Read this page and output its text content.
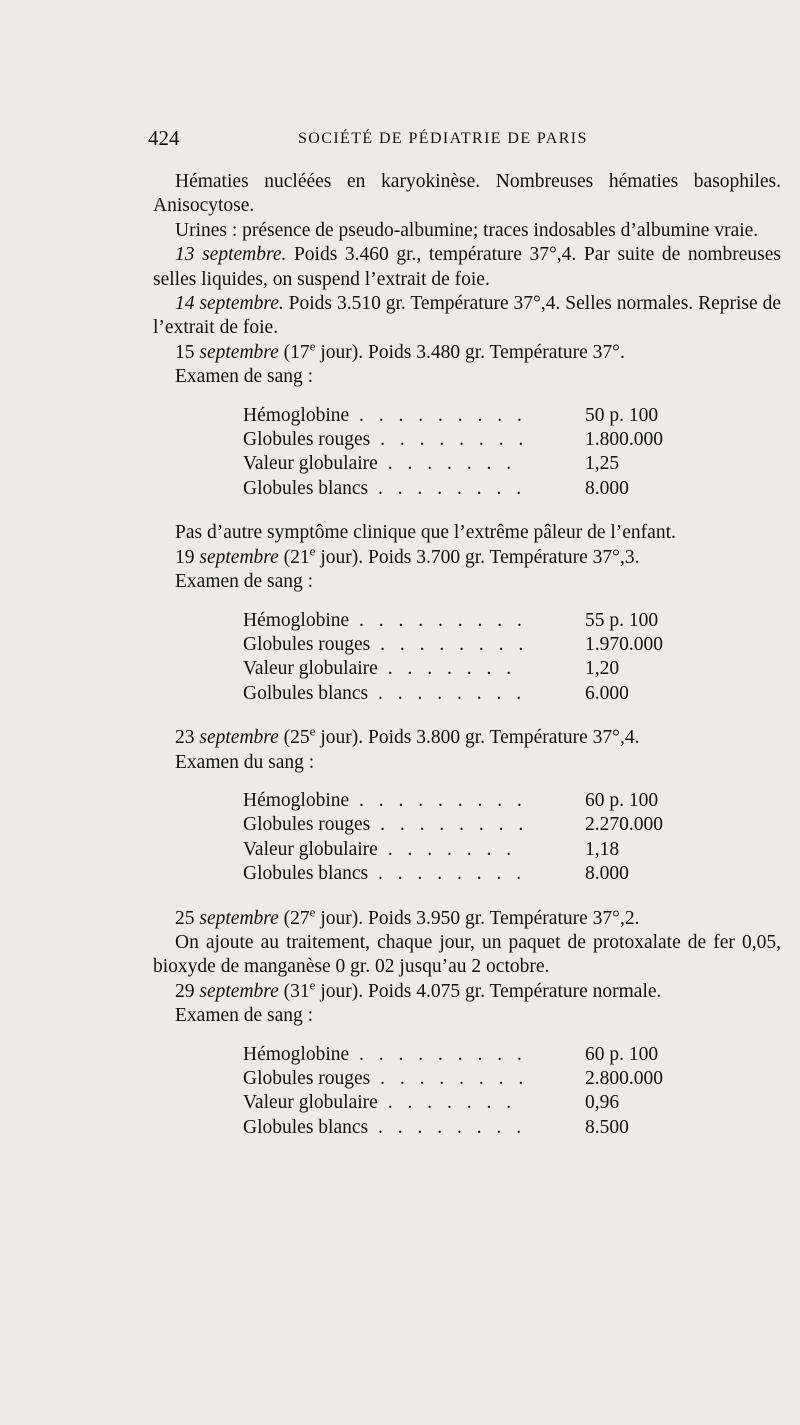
424	SOCIÉTÉ DE PÉDIATRIE DE PARIS

Hématies nucléées en karyokinèse. Nombreuses hématies basophiles. Anisocytose.

Urines : présence de pseudo-albumine; traces indosables d’albumine vraie.

13 septembre. Poids 3.460 gr., température 37°,4. Par suite de nombreuses selles liquides, on suspend l’extrait de foie.

14 septembre. Poids 3.510 gr. Température 37°,4. Selles normales. Reprise de l’extrait de foie.

15 septembre (17e jour). Poids 3.480 gr. Température 37°.

Examen de sang :

Hémoglobine . . . . . . . . .	50 p. 100
Globules rouges . . . . . . . .	1.800.000
Valeur globulaire . . . . . . .	1,25
Globules blancs . . . . . . . .	8.000

Pas d’autre symptôme clinique que l’extrême pâleur de l’enfant.

19 septembre (21e jour). Poids 3.700 gr. Température 37°,3.

Examen de sang :

Hémoglobine . . . . . . . . .	55 p. 100
Globules rouges . . . . . . . .	1.970.000
Valeur globulaire . . . . . . .	1,20
Golbules blancs . . . . . . . .	6.000

23 septembre (25e jour). Poids 3.800 gr. Température 37°,4.

Examen du sang :

Hémoglobine . . . . . . . . .	60 p. 100
Globules rouges . . . . . . . .	2.270.000
Valeur globulaire . . . . . . .	1,18
Globules blancs . . . . . . . .	8.000

25 septembre (27e jour). Poids 3.950 gr. Température 37°,2.

On ajoute au traitement, chaque jour, un paquet de protoxalate de fer 0,05, bioxyde de manganèse 0 gr. 02 jusqu’au 2 octobre.

29 septembre (31e jour). Poids 4.075 gr. Température normale.

Examen de sang :

Hémoglobine . . . . . . . . .	60 p. 100
Globules rouges . . . . . . . .	2.800.000
Valeur globulaire . . . . . . .	0,96
Globules blancs . . . . . . . .	8.500
